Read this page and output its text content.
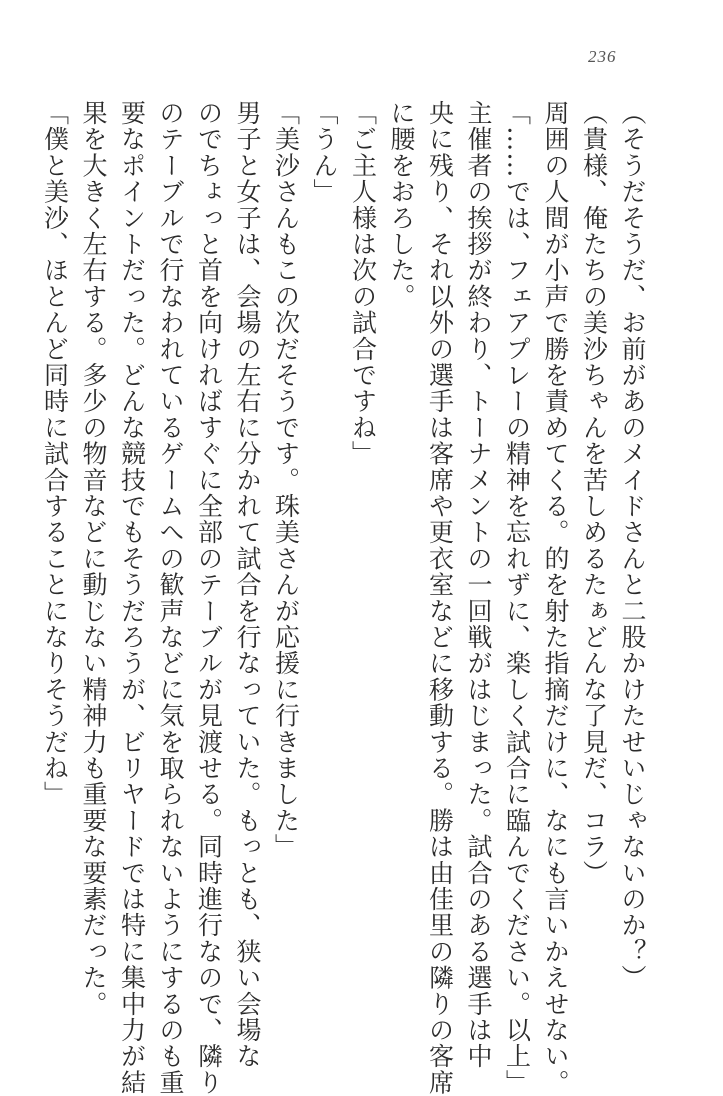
236
（そうだそうだ、お前があのメイドさんと二股かけたせいじゃないのか？）
（貴様、俺たちの美沙ちゃんを苦しめるたぁどんな了見だ、コラ）
周囲の人間が小声で勝を責めてくる。的を射た指摘だけに、なにも言いかえせない。
「……では、フェアプレーの精神を忘れずに、楽しく試合に臨んでください。以上」
主催者の挨拶が終わり、トーナメントの一回戦がはじまった。試合のある選手は中
央に残り、それ以外の選手は客席や更衣室などに移動する。勝は由佳里の隣りの客席
に腰をおろした。
「ご主人様は次の試合ですね」
「うん」
「美沙さんもこの次だそうです。珠美さんが応援に行きました」
男子と女子は、会場の左右に分かれて試合を行なっていた。もっとも、狭い会場な
のでちょっと首を向ければすぐに全部のテーブルが見渡せる。同時進行なので、隣り
のテーブルで行なわれているゲームへの歓声などに気を取られないようにするのも重
要なポイントだった。どんな競技でもそうだろうが、ビリヤードでは特に集中力が結
果を大きく左右する。多少の物音などに動じない精神力も重要な要素だった。
「僕と美沙、ほとんど同時に試合することになりそうだね」
